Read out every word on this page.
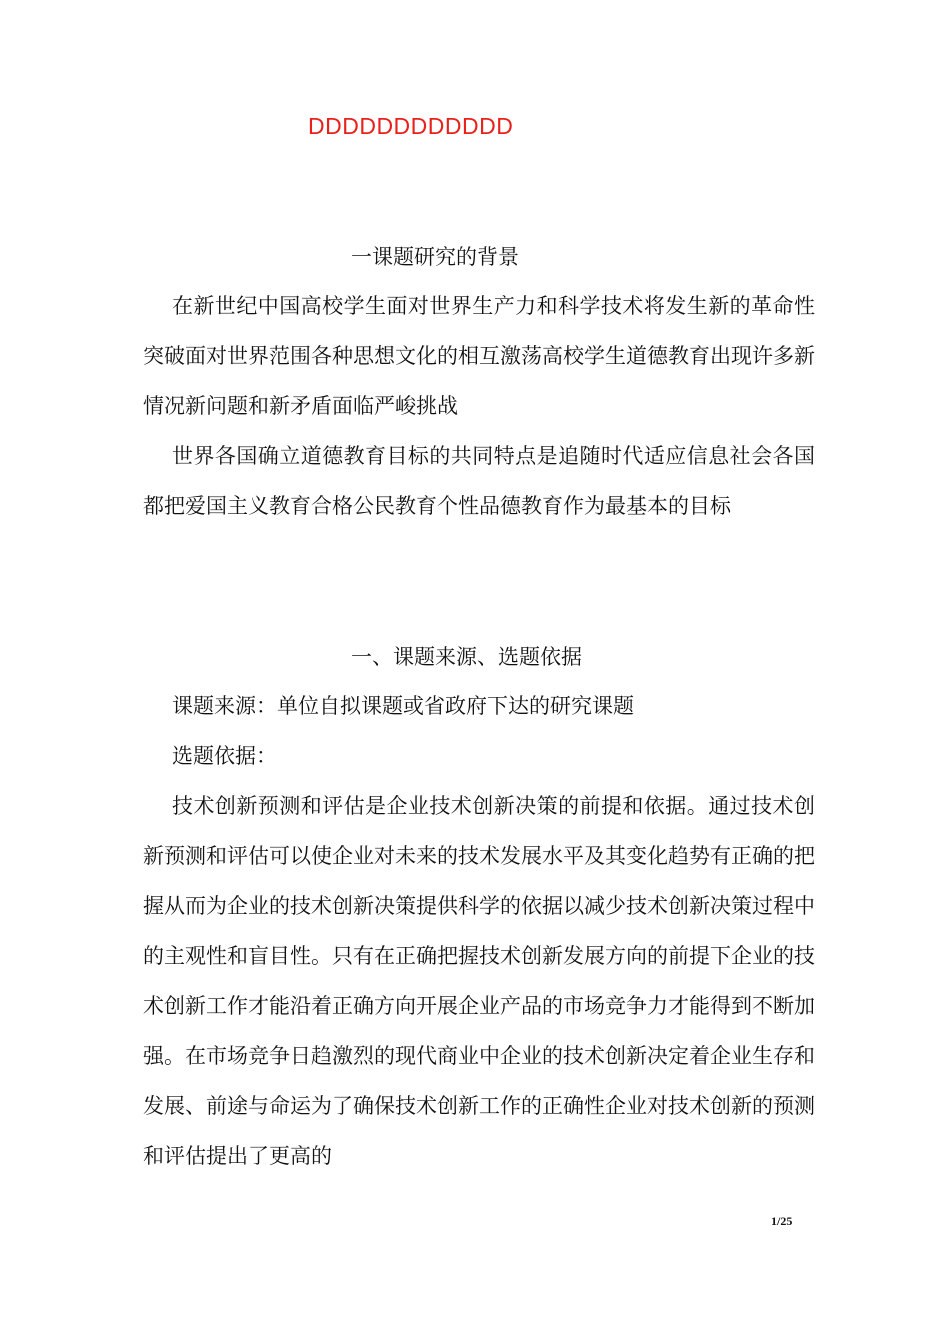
DDDDDDDDDDDD
一课题研究的背景

在新世纪中国高校学生面对世界生产力和科学技术将发生新的革命性突破面对世界范围各种思想文化的相互激荡高校学生道德教育出现许多新情况新问题和新矛盾面临严峻挑战

世界各国确立道德教育目标的共同特点是追随时代适应信息社会各国都把爱国主义教育合格公民教育个性品德教育作为最基本的目标

一、课题来源、选题依据

课题来源：单位自拟课题或省政府下达的研究课题

选题依据：

技术创新预测和评估是企业技术创新决策的前提和依据。通过技术创新预测和评估可以使企业对未来的技术发展水平及其变化趋势有正确的把握从而为企业的技术创新决策提供科学的依据以减少技术创新决策过程中的主观性和盲目性。只有在正确把握技术创新发展方向的前提下企业的技术创新工作才能沿着正确方向开展企业产品的市场竞争力才能得到不断加强。在市场竞争日趋激烈的现代商业中企业的技术创新决定着企业生存和发展、前途与命运为了确保技术创新工作的正确性企业对技术创新的预测和评估提出了更高的

1/25
